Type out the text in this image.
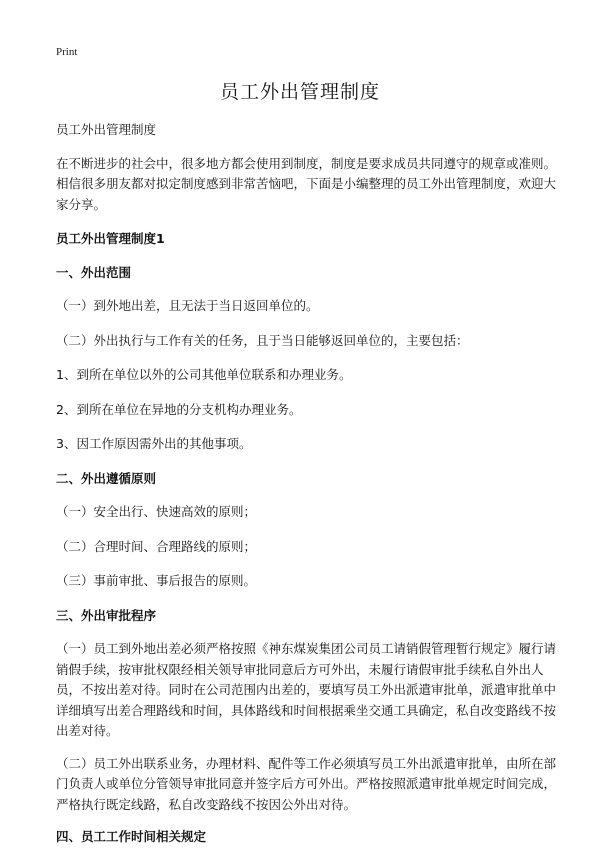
Print
员工外出管理制度

员工外出管理制度

在不断进步的社会中，很多地方都会使用到制度，制度是要求成员共同遵守的规章或准则。相信很多朋友都对拟定制度感到非常苦恼吧，下面是小编整理的员工外出管理制度，欢迎大家分享。

员工外出管理制度1

一、外出范围

（一）到外地出差，且无法于当日返回单位的。

（二）外出执行与工作有关的任务，且于当日能够返回单位的，主要包括：

1、到所在单位以外的公司其他单位联系和办理业务。

2、到所在单位在异地的分支机构办理业务。

3、因工作原因需外出的其他事项。

二、外出遵循原则

（一）安全出行、快速高效的原则；

（二）合理时间、合理路线的原则；

（三）事前审批、事后报告的原则。

三、外出审批程序

（一）员工到外地出差必须严格按照《神东煤炭集团公司员工请销假管理暂行规定》履行请销假手续，按审批权限经相关领导审批同意后方可外出，未履行请假审批手续私自外出人员，不按出差对待。同时在公司范围内出差的，要填写员工外出派遣审批单，派遣审批单中详细填写出差合理路线和时间，具体路线和时间根据乘坐交通工具确定，私自改变路线不按出差对待。

（二）员工外出联系业务，办理材料、配件等工作必须填写员工外出派遣审批单，由所在部门负责人或单位分管领导审批同意并签字后方可外出。严格按照派遣审批单规定时间完成，严格执行既定线路，私自改变路线不按因公外出对待。

四、员工工作时间相关规定
